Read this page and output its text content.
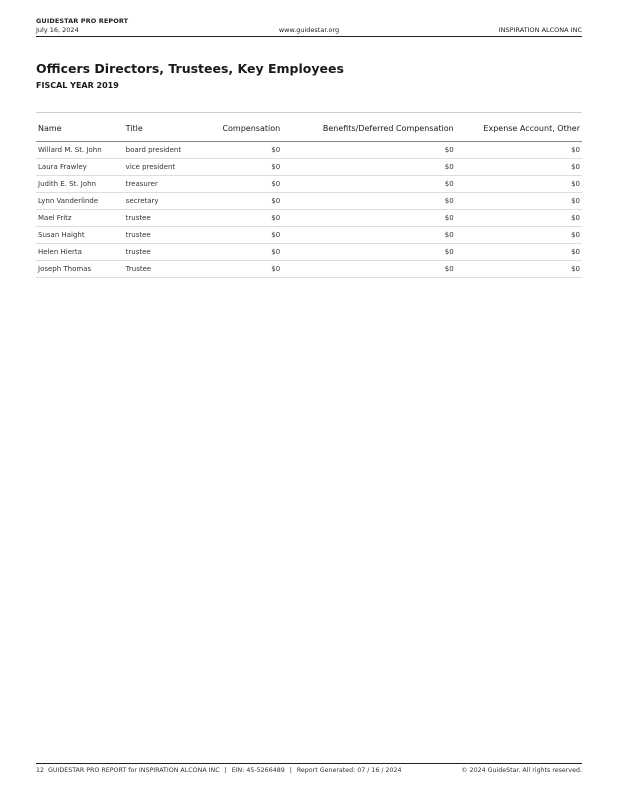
GUIDESTAR PRO REPORT
July 16, 2024	www.guidestar.org	INSPIRATION ALCONA INC
Officers Directors, Trustees, Key Employees
FISCAL YEAR 2019
Name	Title	Compensation	Benefits/Deferred Compensation	Expense Account, Other
Willard M. St. John	board president	$0	$0	$0
Laura Frawley	vice president	$0	$0	$0
Judith E. St. John	treasurer	$0	$0	$0
Lynn Vanderlinde	secretary	$0	$0	$0
Mael Fritz	trustee	$0	$0	$0
Susan Haight	trustee	$0	$0	$0
Helen Hierta	trustee	$0	$0	$0
Joseph Thomas	Trustee	$0	$0	$0
12 GUIDESTAR PRO REPORT for INSPIRATION ALCONA INC | EIN: 45-5266489 | Report Generated: 07 / 16 / 2024	© 2024 GuideStar. All rights reserved.
